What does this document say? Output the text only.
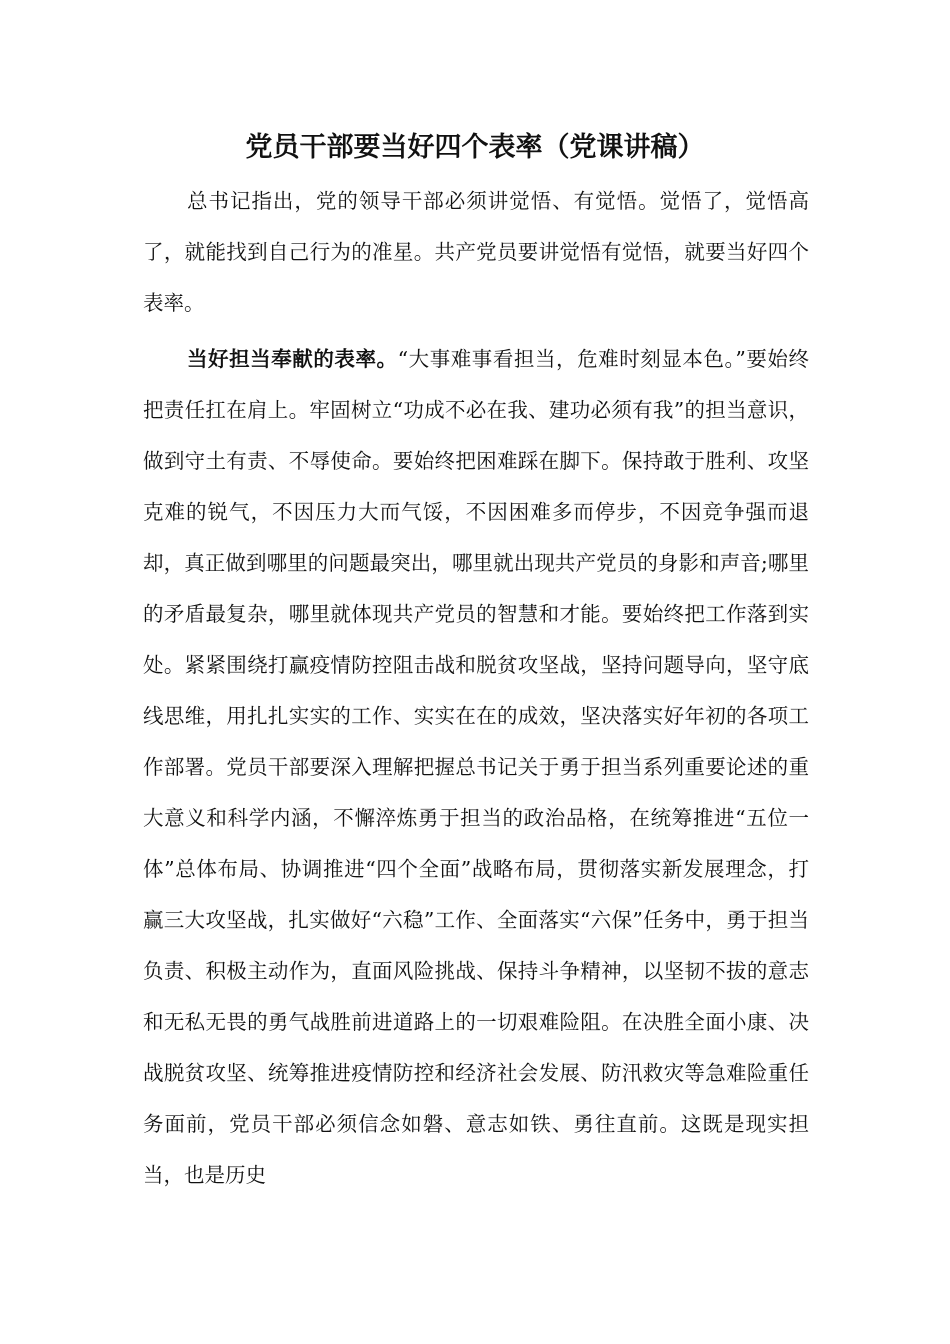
党员干部要当好四个表率（党课讲稿）

总书记指出，党的领导干部必须讲觉悟、有觉悟。觉悟了，觉悟高了，就能找到自己行为的准星。共产党员要讲觉悟有觉悟，就要当好四个表率。

当好担当奉献的表率。“大事难事看担当，危难时刻显本色。”要始终把责任扛在肩上。牢固树立“功成不必在我、建功必须有我”的担当意识，做到守土有责、不辱使命。要始终把困难踩在脚下。保持敢于胜利、攻坚克难的锐气，不因压力大而气馁，不因困难多而停步，不因竞争强而退却，真正做到哪里的问题最突出，哪里就出现共产党员的身影和声音;哪里的矛盾最复杂，哪里就体现共产党员的智慧和才能。要始终把工作落到实处。紧紧围绕打赢疫情防控阻击战和脱贫攻坚战，坚持问题导向，坚守底线思维，用扎扎实实的工作、实实在在的成效，坚决落实好年初的各项工作部署。党员干部要深入理解把握总书记关于勇于担当系列重要论述的重大意义和科学内涵，不懈淬炼勇于担当的政治品格，在统筹推进“五位一体”总体布局、协调推进“四个全面”战略布局，贯彻落实新发展理念，打赢三大攻坚战，扎实做好“六稳”工作、全面落实“六保”任务中，勇于担当负责、积极主动作为，直面风险挑战、保持斗争精神，以坚韧不拔的意志和无私无畏的勇气战胜前进道路上的一切艰难险阻。在决胜全面小康、决战脱贫攻坚、统筹推进疫情防控和经济社会发展、防汛救灾等急难险重任务面前，党员干部必须信念如磐、意志如铁、勇往直前。这既是现实担当，也是历史
